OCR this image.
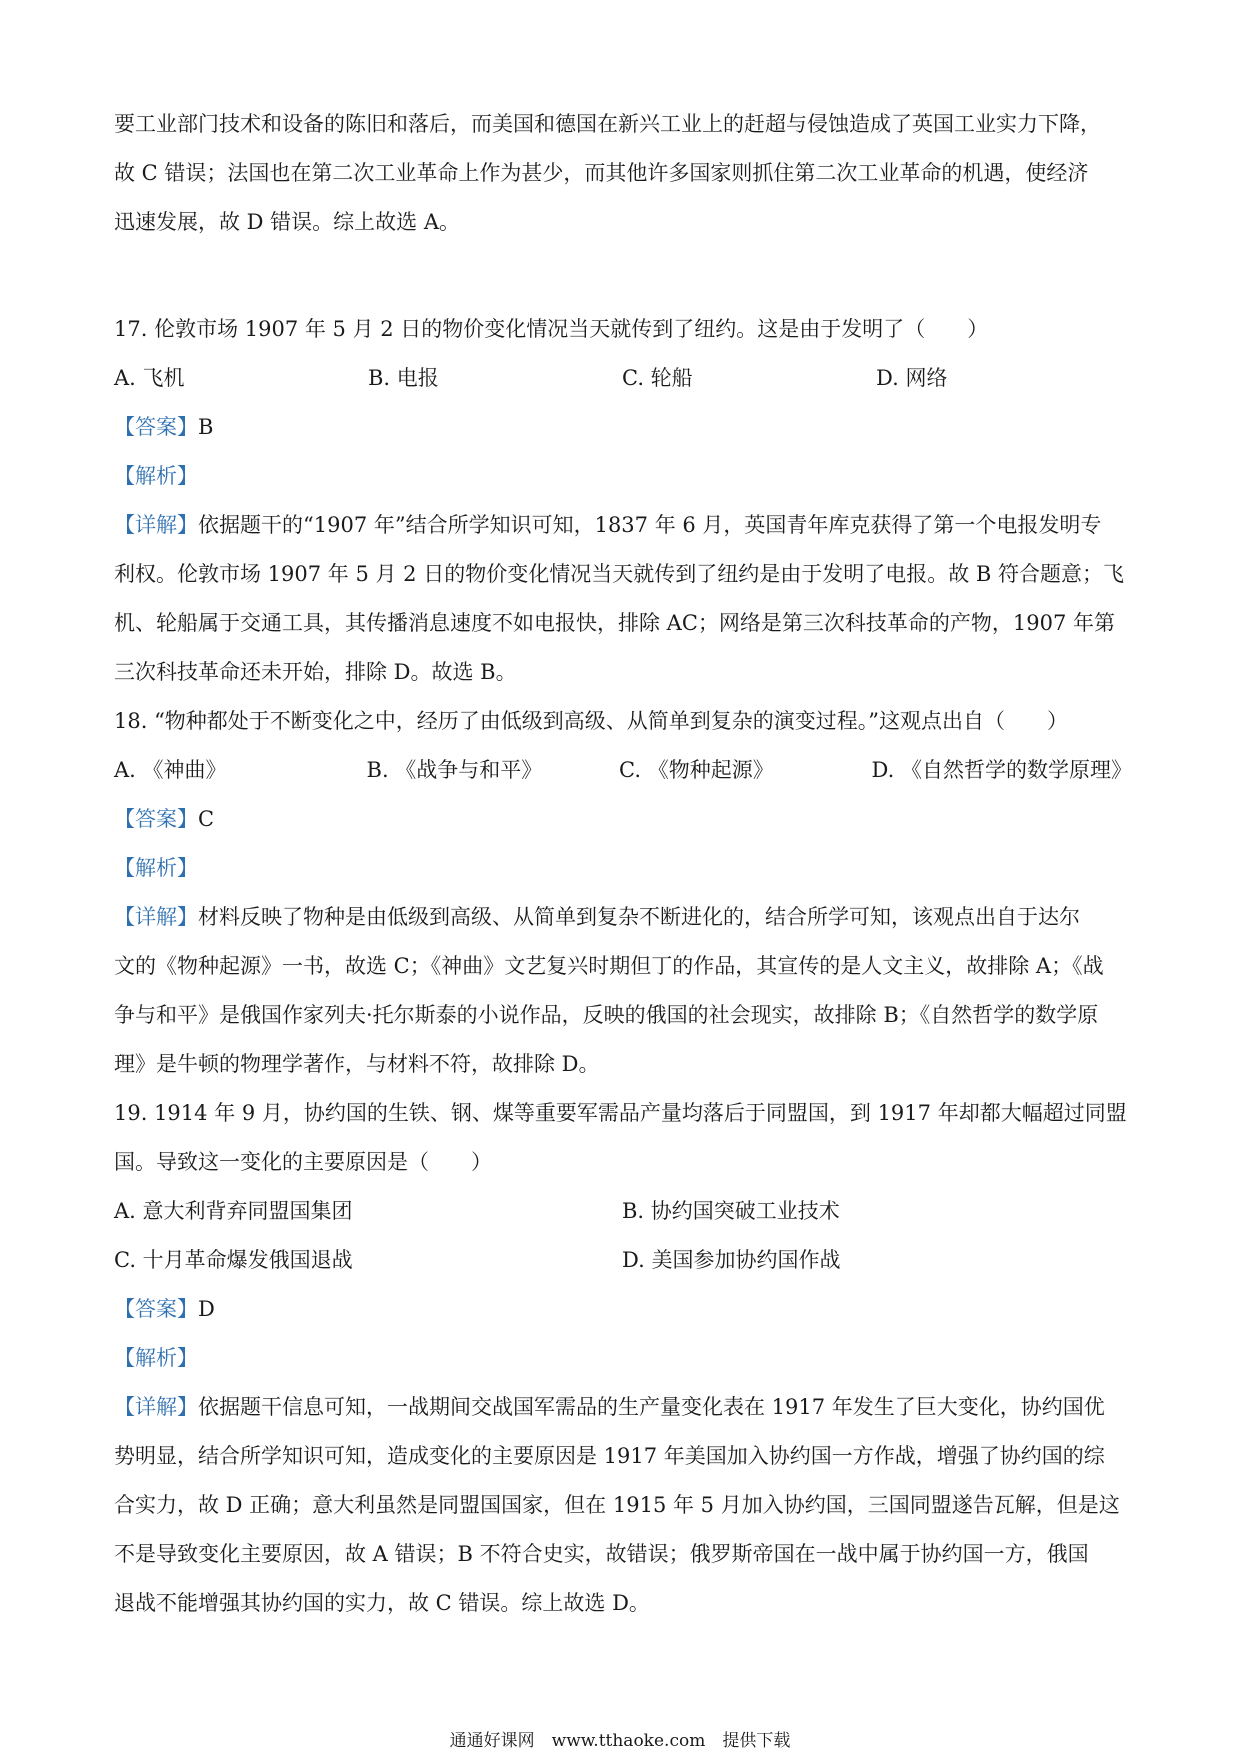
要工业部门技术和设备的陈旧和落后，而美国和德国在新兴工业上的赶超与侵蚀造成了英国工业实力下降，
故 C 错误；法国也在第二次工业革命上作为甚少，而其他许多国家则抓住第二次工业革命的机遇，使经济
迅速发展，故 D 错误。综上故选 A。
17. 伦敦市场 1907 年 5 月 2 日的物价变化情况当天就传到了纽约。这是由于发明了（　　）
A. 飞机	B. 电报	C. 轮船	D. 网络
【答案】B
【解析】
【详解】依据题干的“1907 年”结合所学知识可知，1837 年 6 月，英国青年库克获得了第一个电报发明专
利权。伦敦市场 1907 年 5 月 2 日的物价变化情况当天就传到了纽约是由于发明了电报。故 B 符合题意；飞
机、轮船属于交通工具，其传播消息速度不如电报快，排除 AC；网络是第三次科技革命的产物，1907 年第
三次科技革命还未开始，排除 D。故选 B。
18. “物种都处于不断变化之中，经历了由低级到高级、从简单到复杂的演变过程。”这观点出自（　　）
A. 《神曲》	B. 《战争与和平》	C. 《物种起源》	D. 《自然哲学的数学原理》
【答案】C
【解析】
【详解】材料反映了物种是由低级到高级、从简单到复杂不断进化的，结合所学可知，该观点出自于达尔
文的《物种起源》一书，故选 C；《神曲》文艺复兴时期但丁的作品，其宣传的是人文主义，故排除 A；《战
争与和平》是俄国作家列夫·托尔斯泰的小说作品，反映的俄国的社会现实，故排除 B；《自然哲学的数学原
理》是牛顿的物理学著作，与材料不符，故排除 D。
19. 1914 年 9 月，协约国的生铁、钢、煤等重要军需品产量均落后于同盟国，到 1917 年却都大幅超过同盟
国。导致这一变化的主要原因是（　　）
A. 意大利背弃同盟国集团	B. 协约国突破工业技术
C. 十月革命爆发俄国退战	D. 美国参加协约国作战
【答案】D
【解析】
【详解】依据题干信息可知，一战期间交战国军需品的生产量变化表在 1917 年发生了巨大变化，协约国优
势明显，结合所学知识可知，造成变化的主要原因是 1917 年美国加入协约国一方作战，增强了协约国的综
合实力，故 D 正确；意大利虽然是同盟国国家，但在 1915 年 5 月加入协约国，三国同盟遂告瓦解，但是这
不是导致变化主要原因，故 A 错误；B 不符合史实，故错误；俄罗斯帝国在一战中属于协约国一方，俄国
退战不能增强其协约国的实力，故 C 错误。综上故选 D。
通通好课网　www.tthaoke.com　提供下载
